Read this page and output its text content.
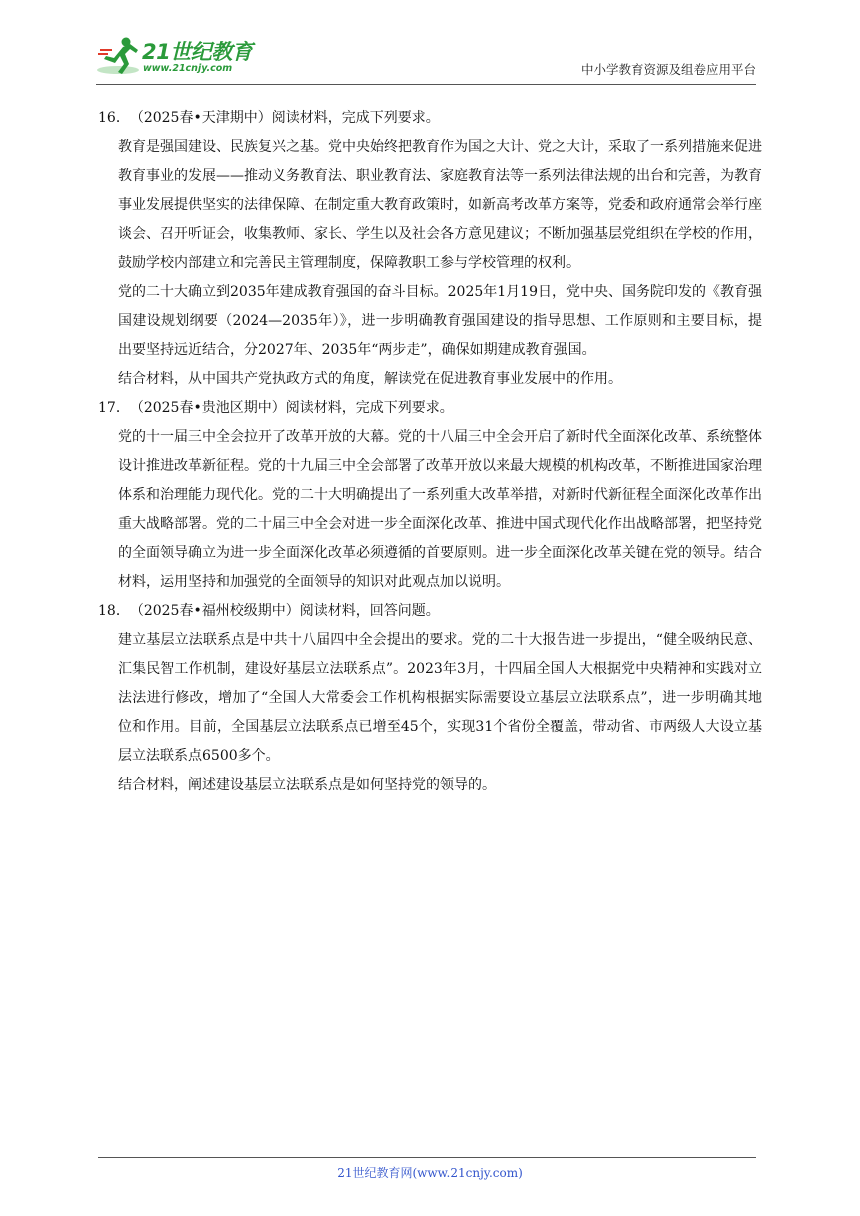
21世纪教育
www.21cnjy.com	中小学教育资源及组卷应用平台

16．（2025春•天津期中）阅读材料，完成下列要求。

教育是强国建设、民族复兴之基。党中央始终把教育作为国之大计、党之大计，采取了一系列措施来促进教育事业的发展——推动义务教育法、职业教育法、家庭教育法等一系列法律法规的出台和完善，为教育事业发展提供坚实的法律保障、在制定重大教育政策时，如新高考改革方案等，党委和政府通常会举行座谈会、召开听证会，收集教师、家长、学生以及社会各方意见建议；不断加强基层党组织在学校的作用，鼓励学校内部建立和完善民主管理制度，保障教职工参与学校管理的权利。

党的二十大确立到2035年建成教育强国的奋斗目标。2025年1月19日，党中央、国务院印发的《教育强国建设规划纲要（2024—2035年）》，进一步明确教育强国建设的指导思想、工作原则和主要目标，提出要坚持远近结合，分2027年、2035年“两步走”，确保如期建成教育强国。

结合材料，从中国共产党执政方式的角度，解读党在促进教育事业发展中的作用。

17．（2025春•贵池区期中）阅读材料，完成下列要求。

党的十一届三中全会拉开了改革开放的大幕。党的十八届三中全会开启了新时代全面深化改革、系统整体设计推进改革新征程。党的十九届三中全会部署了改革开放以来最大规模的机构改革，不断推进国家治理体系和治理能力现代化。党的二十大明确提出了一系列重大改革举措，对新时代新征程全面深化改革作出重大战略部署。党的二十届三中全会对进一步全面深化改革、推进中国式现代化作出战略部署，把坚持党的全面领导确立为进一步全面深化改革必须遵循的首要原则。进一步全面深化改革关键在党的领导。结合材料，运用坚持和加强党的全面领导的知识对此观点加以说明。

18．（2025春•福州校级期中）阅读材料，回答问题。

建立基层立法联系点是中共十八届四中全会提出的要求。党的二十大报告进一步提出，“健全吸纳民意、汇集民智工作机制，建设好基层立法联系点”。2023年3月，十四届全国人大根据党中央精神和实践对立法法进行修改，增加了“全国人大常委会工作机构根据实际需要设立基层立法联系点”，进一步明确其地位和作用。目前，全国基层立法联系点已增至45个，实现31个省份全覆盖，带动省、市两级人大设立基层立法联系点6500多个。

结合材料，阐述建设基层立法联系点是如何坚持党的领导的。

21世纪教育网(www.21cnjy.com)
